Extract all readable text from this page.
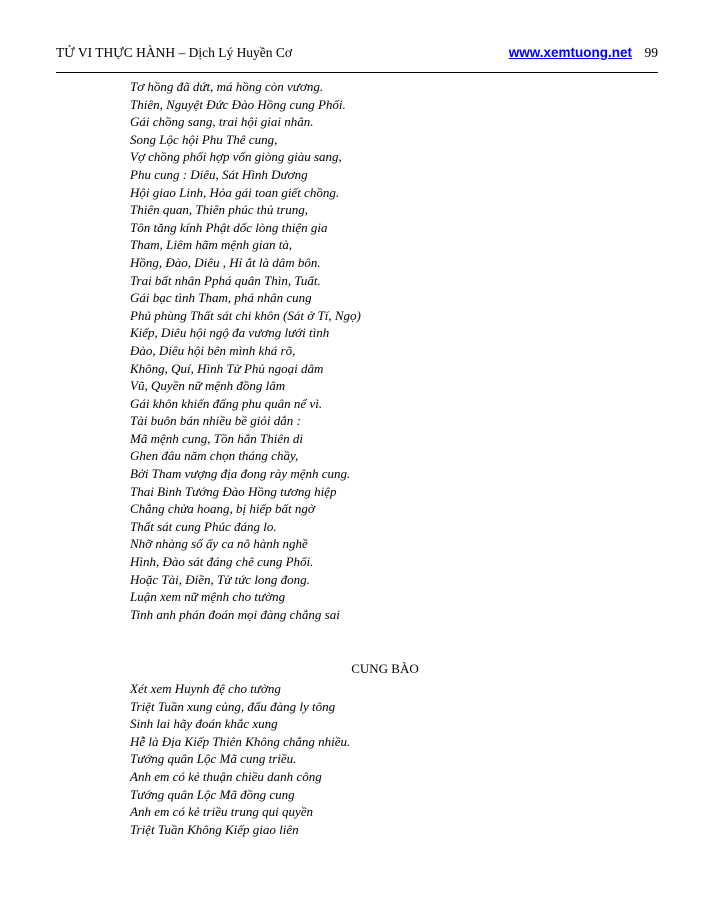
TỬ VI THỰC HÀNH – Dịch Lý Huyền Cơ	www.xemtuong.net 99
Tơ hồng đã dứt, má hồng còn vương.
Thiên, Nguyệt Đức Đào Hồng cung Phối.
Gái chồng sang, trai hội giai nhân.
Song Lộc hội Phu Thê cung,
Vợ chồng phối hợp vốn giòng giàu sang,
Phu cung : Diêu, Sát Hình Dương
Hội giao Linh, Hỏa gái toan giết chồng.
Thiên quan, Thiên phúc thủ trung,
Tôn tăng kính Phật dốc lòng thiện gia
Tham, Liêm hãm mệnh gian tà,
Hồng, Đào, Diêu , Hỉ ắt là dâm bôn.
Trai bất nhân Pphá quân Thìn, Tuất.
Gái bạc tình Tham, phá nhân cung
Phủ phùng Thất sát chi khôn (Sát ở Tí, Ngọ)
Kiếp, Diêu hội ngộ đa vương lưới tình
Đào, Diêu hội bên mình khá rõ,
Không, Quí, Hình Tử Phủ ngoại dâm
Vũ, Quyền nữ mệnh đồng lâm
Gái khôn khiến đấng phu quân nể vì.
Tài buôn bán nhiều bề giỏi dắn :
Mã mệnh cung, Tồn hẳn Thiên di
Ghen đâu năm chọn tháng chầy,
Bởi Tham vượng địa đong rày mệnh cung.
Thai Binh Tướng Đào Hồng tương hiệp
Chẳng chửa hoang, bị hiếp bất ngờ
Thất sát cung Phúc đáng lo.
Nhỡ nhàng số ấy ca nô hành nghề
Hình, Đào sát đáng chê cung Phối.
Hoặc Tài, Điền, Tử tức long đong.
Luận xem nữ mệnh cho tường
Tinh anh phán đoán mọi đàng chẳng sai
CUNG BÀO
Xét xem Huynh đệ cho tường
Triệt Tuần xung củng, đấu đàng ly tông
Sinh lai hãy đoán khắc xung
Hễ là Địa Kiếp Thiên Không chẳng nhiều.
Tướng quân Lộc Mã cung triều.
Anh em có kẻ thuận chiều danh công
Tướng quân Lộc Mã đồng cung
Anh em có kẻ triều trung qui quyền
Triệt Tuần Không Kiếp giao liên
